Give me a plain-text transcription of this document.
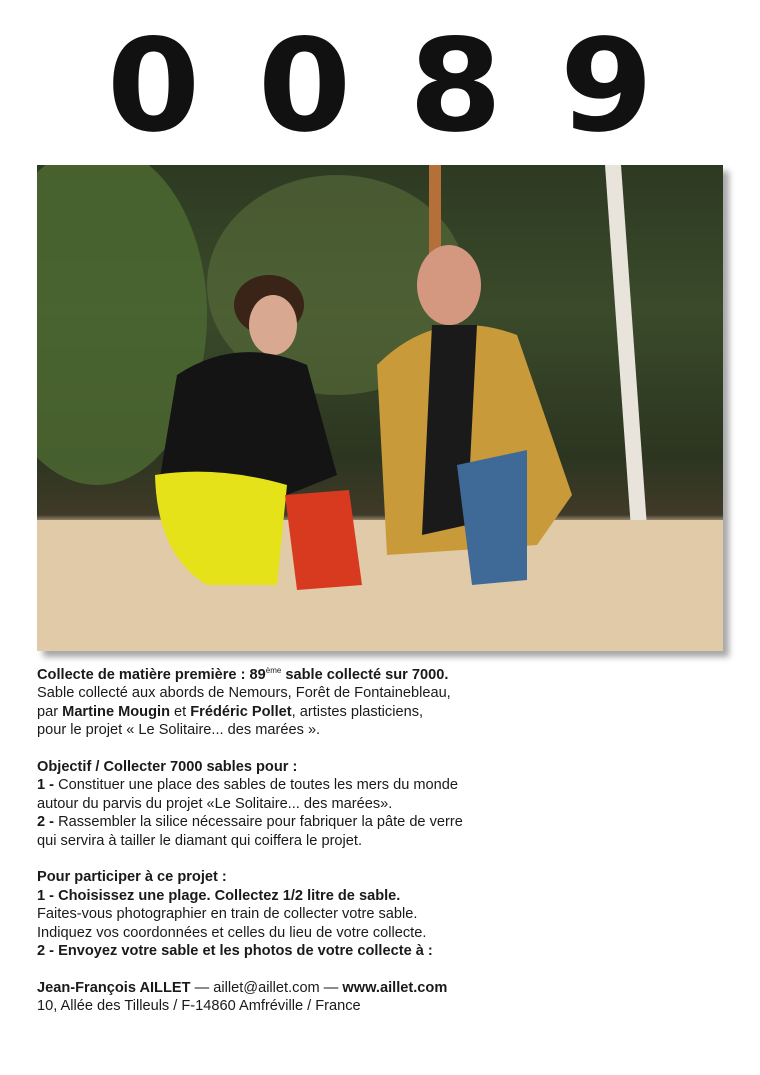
0 0 8 9

Collecte de matière première : 89ème sable collecté sur 7000.

Sable collecté aux abords de Nemours, Forêt de Fontainebleau,

par Martine Mougin et Frédéric Pollet, artistes plasticiens,

pour le projet « Le Solitaire... des marées ».

Objectif / Collecter 7000 sables pour :

1 - Constituer une place des sables de toutes les mers du monde

autour du parvis du projet «Le Solitaire... des marées».

2 - Rassembler la silice nécessaire pour fabriquer la pâte de verre

qui servira à tailler le diamant qui coiffera le projet.

Pour participer à ce projet :

1 - Choisissez une plage. Collectez 1/2 litre de sable.

Faites-vous photographier en train de collecter votre sable.

Indiquez vos coordonnées et celles du lieu de votre collecte.

2 - Envoyez votre sable et les photos de votre collecte à :

Jean-François AILLET — aillet@aillet.com — www.aillet.com

10, Allée des Tilleuls / F-14860 Amfréville / France
